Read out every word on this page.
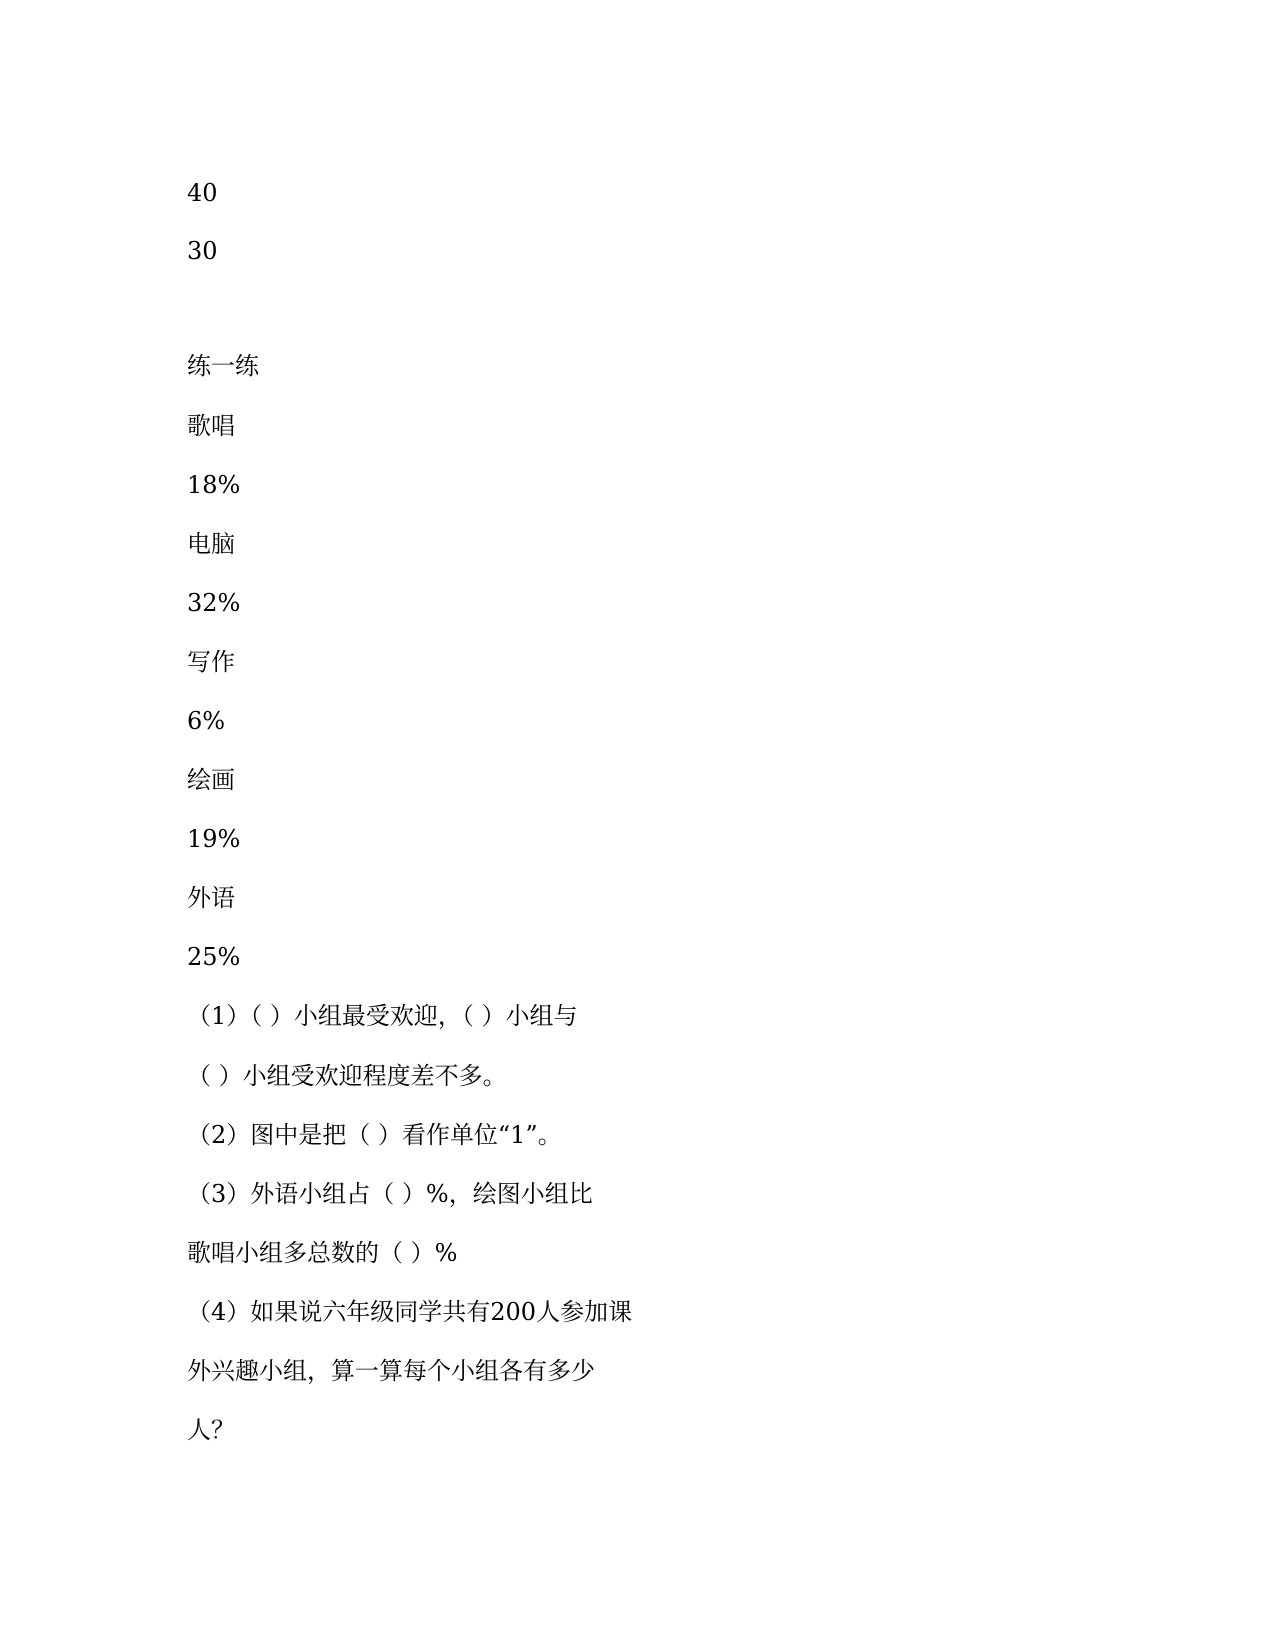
40
30
练一练
歌唱
18%
电脑
32%
写作
6%
绘画
19%
外语
25%
（1）（ ）小组最受欢迎，（ ）小组与
（ ）小组受欢迎程度差不多。
（2）图中是把（ ）看作单位“1”。
（3）外语小组占（ ）%，绘图小组比
歌唱小组多总数的（ ）%
（4）如果说六年级同学共有200人参加课
外兴趣小组，算一算每个小组各有多少
人？
